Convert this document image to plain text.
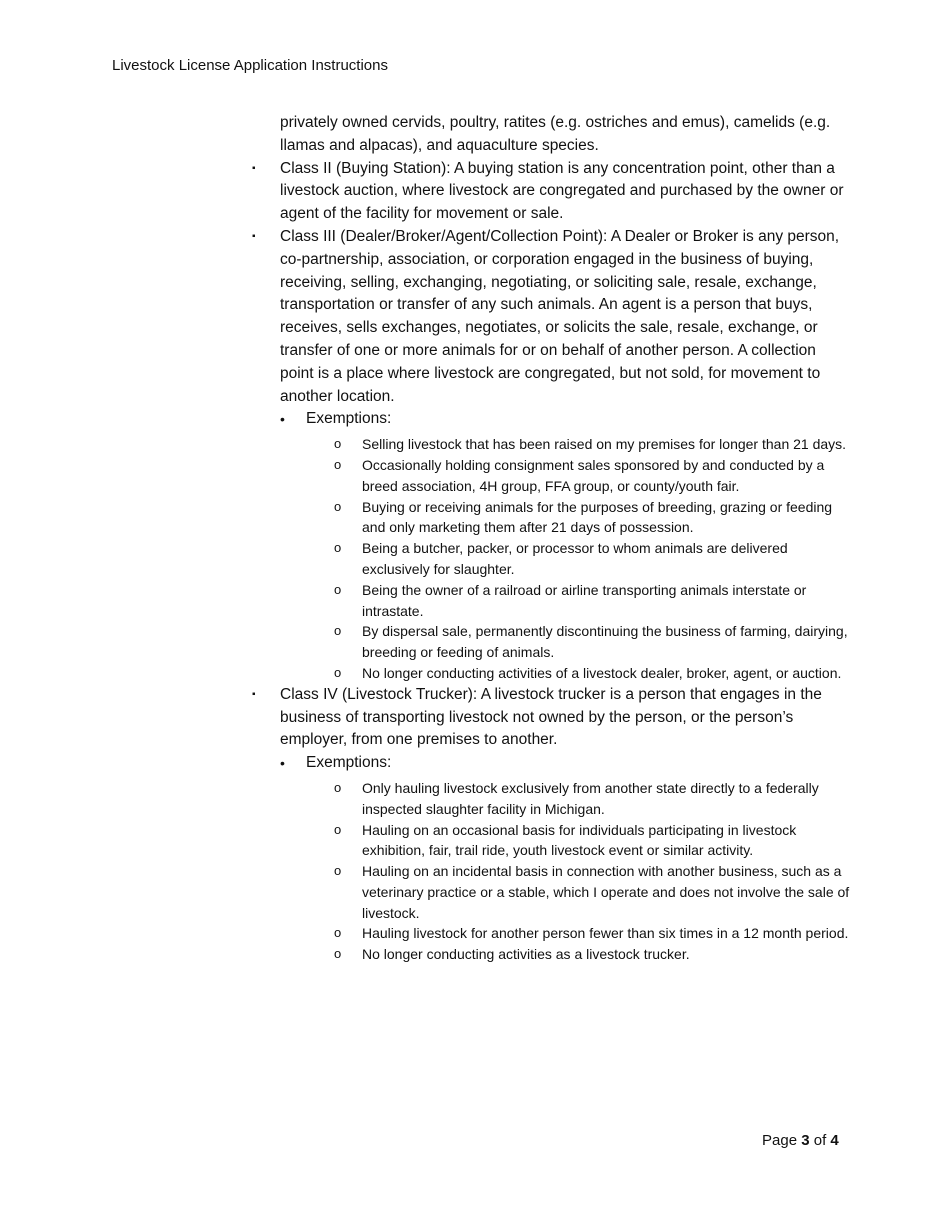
Livestock License Application Instructions

privately owned cervids, poultry, ratites (e.g. ostriches and emus), camelids (e.g. llamas and alpacas), and aquaculture species.

▪ Class II (Buying Station): A buying station is any concentration point, other than a livestock auction, where livestock are congregated and purchased by the owner or agent of the facility for movement or sale.
▪ Class III (Dealer/Broker/Agent/Collection Point): A Dealer or Broker is any person, co-partnership, association, or corporation engaged in the business of buying, receiving, selling, exchanging, negotiating, or soliciting sale, resale, exchange, transportation or transfer of any such animals. An agent is a person that buys, receives, sells exchanges, negotiates, or solicits the sale, resale, exchange, or transfer of one or more animals for or on behalf of another person. A collection point is a place where livestock are congregated, but not sold, for movement to another location.
• Exemptions:
o Selling livestock that has been raised on my premises for longer than 21 days.
o Occasionally holding consignment sales sponsored by and conducted by a breed association, 4H group, FFA group, or county/youth fair.
o Buying or receiving animals for the purposes of breeding, grazing or feeding and only marketing them after 21 days of possession.
o Being a butcher, packer, or processor to whom animals are delivered exclusively for slaughter.
o Being the owner of a railroad or airline transporting animals interstate or intrastate.
o By dispersal sale, permanently discontinuing the business of farming, dairying, breeding or feeding of animals.
o No longer conducting activities of a livestock dealer, broker, agent, or auction.
▪ Class IV (Livestock Trucker): A livestock trucker is a person that engages in the business of transporting livestock not owned by the person, or the person’s employer, from one premises to another.
• Exemptions:
o Only hauling livestock exclusively from another state directly to a federally inspected slaughter facility in Michigan.
o Hauling on an occasional basis for individuals participating in livestock exhibition, fair, trail ride, youth livestock event or similar activity.
o Hauling on an incidental basis in connection with another business, such as a veterinary practice or a stable, which I operate and does not involve the sale of livestock.
o Hauling livestock for another person fewer than six times in a 12 month period.
o No longer conducting activities as a livestock trucker.
Page 3 of 4
